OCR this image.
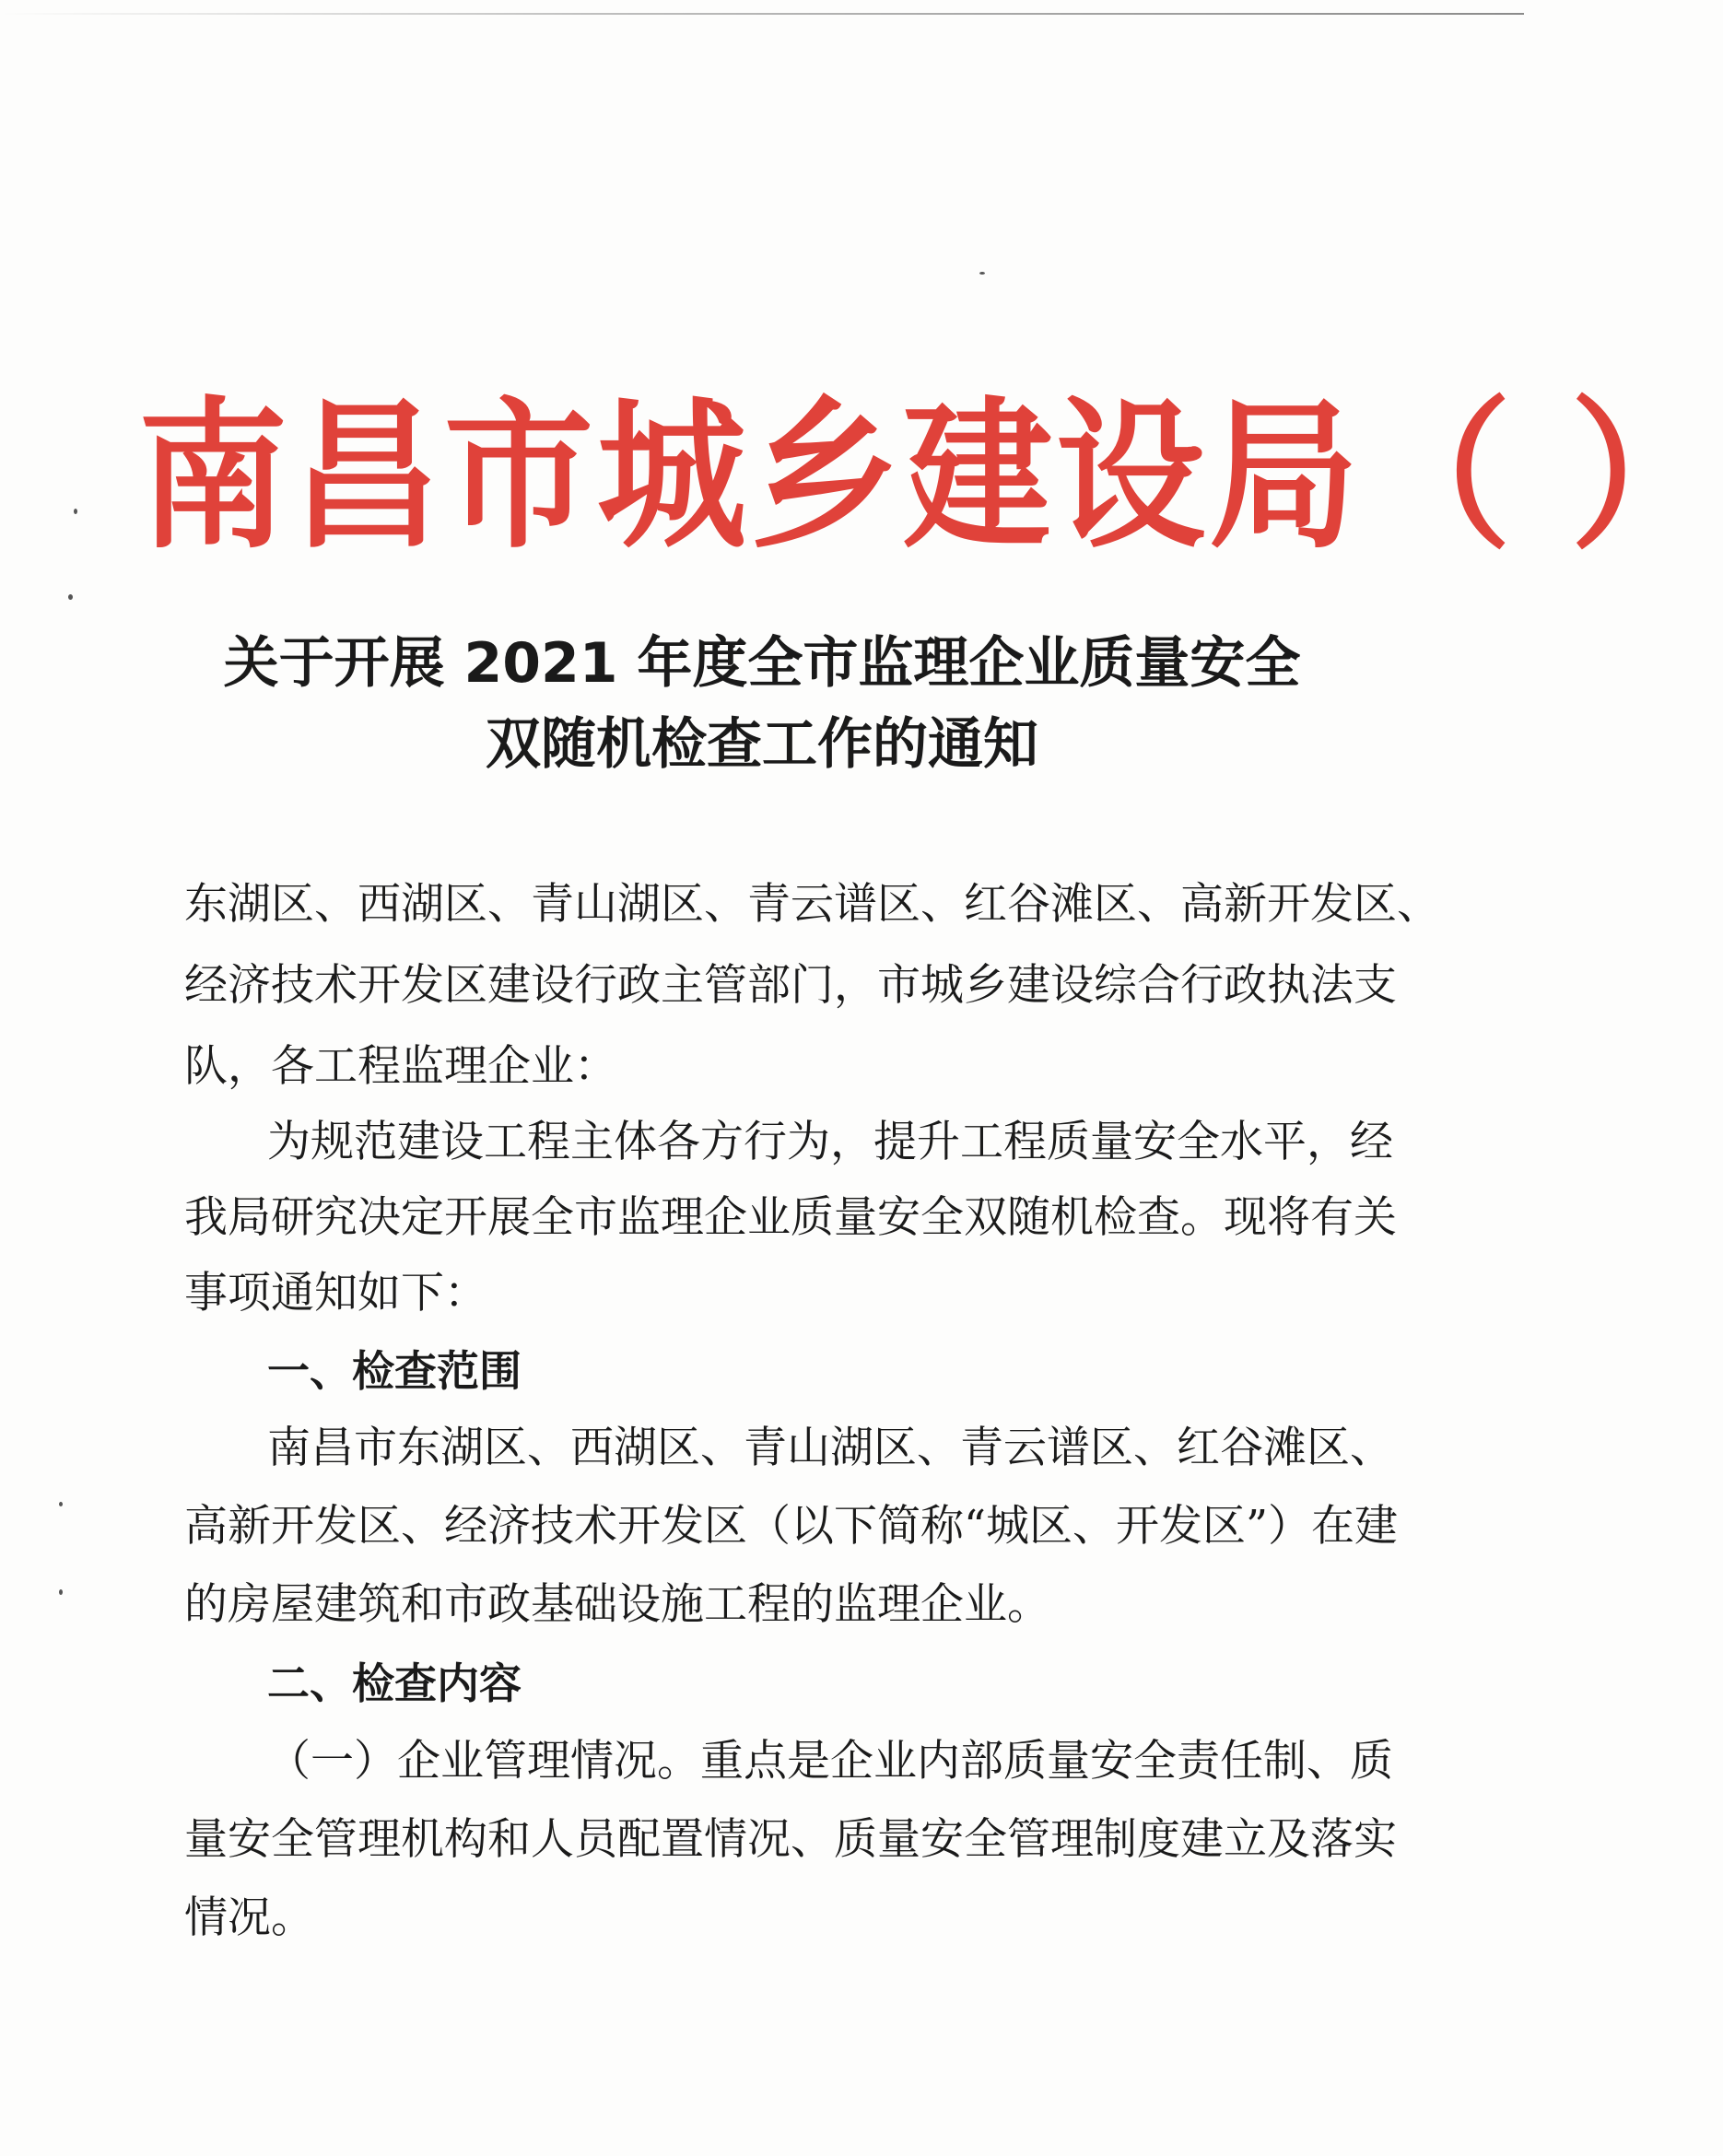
南昌市城乡建设局（ ）
关于开展 2021 年度全市监理企业质量安全
双随机检查工作的通知
东湖区、西湖区、青山湖区、青云谱区、红谷滩区、高新开发区、
经济技术开发区建设行政主管部门，市城乡建设综合行政执法支
队，各工程监理企业：
为规范建设工程主体各方行为，提升工程质量安全水平，经
我局研究决定开展全市监理企业质量安全双随机检查。现将有关
事项通知如下：
一、检查范围
南昌市东湖区、西湖区、青山湖区、青云谱区、红谷滩区、
高新开发区、经济技术开发区（以下简称“城区、开发区”）在建
的房屋建筑和市政基础设施工程的监理企业。
二、检查内容
（一）企业管理情况。重点是企业内部质量安全责任制、质
量安全管理机构和人员配置情况、质量安全管理制度建立及落实
情况。
